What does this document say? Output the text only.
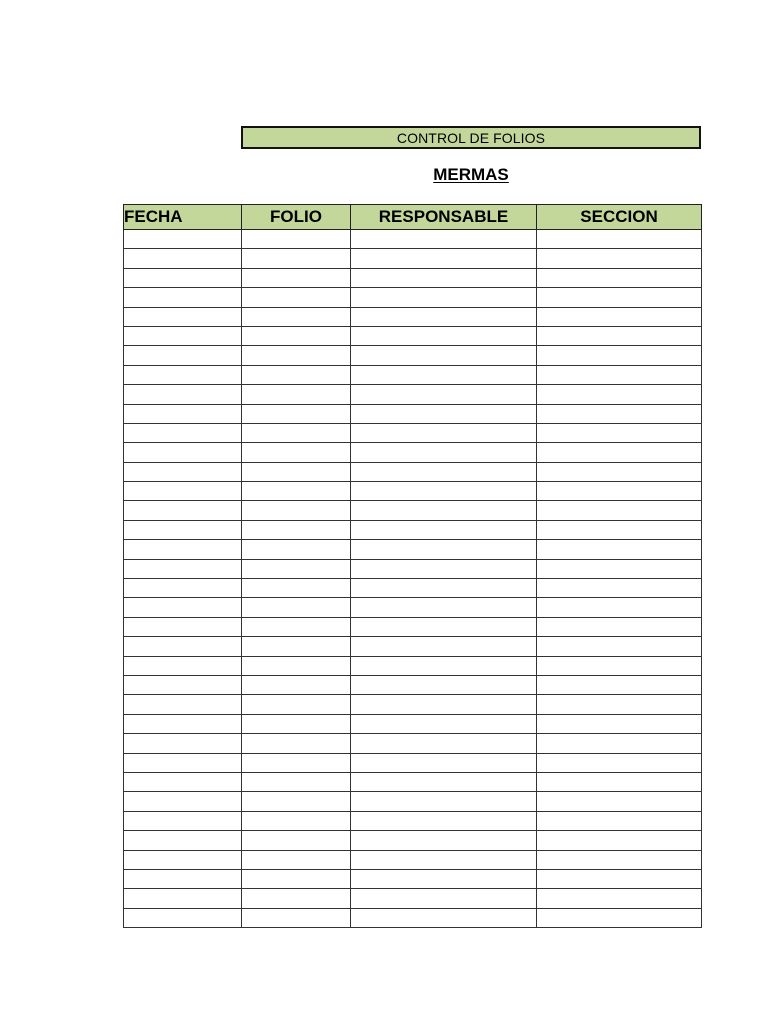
CONTROL DE FOLIOS
MERMAS
FECHA	FOLIO	RESPONSABLE	SECCION
